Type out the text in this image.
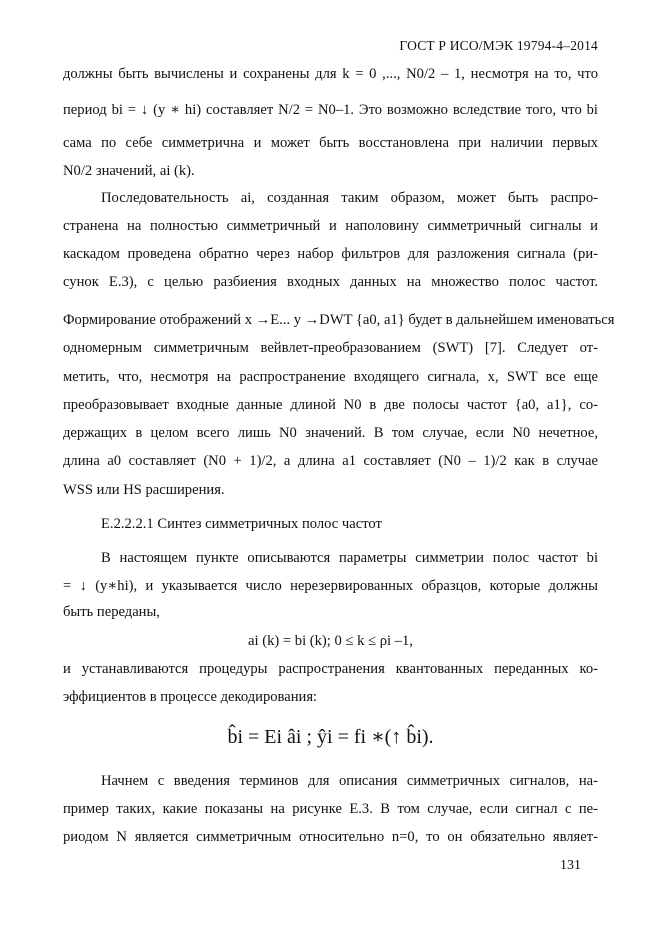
ГОСТ Р ИСО/МЭК 19794-4–2014
должны быть вычислены и сохранены для k = 0 ,..., N0/2 – 1, несмотря на то, что
период bi = ↓ (y ∗ hi) составляет N/2 = N0–1. Это возможно вследствие того, что bi
сама по себе симметрична и может быть восстановлена при наличии первых
N0/2 значений, ai (k).
Последовательность ai, созданная таким образом, может быть распро-
странена на полностью симметричный и наполовину симметричный сигналы и
каскадом проведена обратно через набор фильтров для разложения сигнала (ри-
сунок Е.3), с целью разбиения входных данных на множество полос частот.
Формирование отображений x →E... y →DWT {a0, a1} будет в дальнейшем именоваться
одномерным симметричным вейвлет-преобразованием (SWT) [7]. Следует от-
метить, что, несмотря на распространение входящего сигнала, x, SWT все еще
преобразовывает входные данные длиной N0 в две полосы частот {a0, a1}, со-
держащих в целом всего лишь N0 значений. В том случае, если N0 нечетное,
длина a0 составляет (N0 + 1)/2, а длина a1 составляет (N0 – 1)/2 как в случае
WSS или HS расширения.
Е.2.2.2.1 Синтез симметричных полос частот
В настоящем пункте описываются параметры симметрии полос частот bi
= ↓ (y∗hi), и указывается число нерезервированных образцов, которые должны
быть переданы,
ai (k) = bi (k); 0 ≤ k ≤ ρi –1,
и устанавливаются процедуры распространения квантованных переданных ко-
эффициентов в процессе декодирования:
b̂i = Ei âi ; ŷi = fi ∗(↑ b̂i).
Начнем с введения терминов для описания симметричных сигналов, на-
пример таких, какие показаны на рисунке Е.3. В том случае, если сигнал с пе-
риодом N является симметричным относительно n=0, то он обязательно являет-
131
